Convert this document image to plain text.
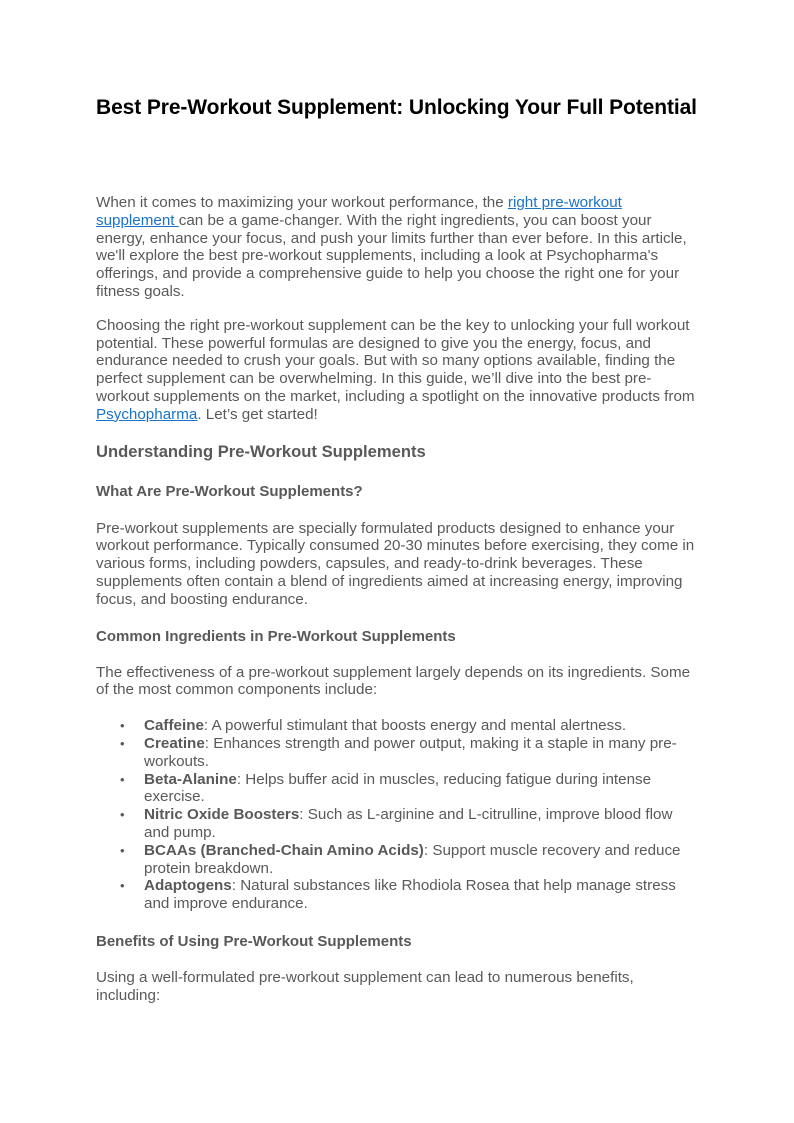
Best Pre-Workout Supplement: Unlocking Your Full Potential

When it comes to maximizing your workout performance, the right pre-workout supplement can be a game-changer. With the right ingredients, you can boost your energy, enhance your focus, and push your limits further than ever before. In this article, we'll explore the best pre-workout supplements, including a look at Psychopharma's offerings, and provide a comprehensive guide to help you choose the right one for your fitness goals.

Choosing the right pre-workout supplement can be the key to unlocking your full workout potential. These powerful formulas are designed to give you the energy, focus, and endurance needed to crush your goals. But with so many options available, finding the perfect supplement can be overwhelming. In this guide, we’ll dive into the best pre-workout supplements on the market, including a spotlight on the innovative products from Psychopharma. Let’s get started!

Understanding Pre-Workout Supplements
What Are Pre-Workout Supplements?

Pre-workout supplements are specially formulated products designed to enhance your workout performance. Typically consumed 20-30 minutes before exercising, they come in various forms, including powders, capsules, and ready-to-drink beverages. These supplements often contain a blend of ingredients aimed at increasing energy, improving focus, and boosting endurance.

Common Ingredients in Pre-Workout Supplements

The effectiveness of a pre-workout supplement largely depends on its ingredients. Some of the most common components include:

• Caffeine: A powerful stimulant that boosts energy and mental alertness.
• Creatine: Enhances strength and power output, making it a staple in many pre-workouts.
• Beta-Alanine: Helps buffer acid in muscles, reducing fatigue during intense exercise.
• Nitric Oxide Boosters: Such as L-arginine and L-citrulline, improve blood flow and pump.
• BCAAs (Branched-Chain Amino Acids): Support muscle recovery and reduce protein breakdown.
• Adaptogens: Natural substances like Rhodiola Rosea that help manage stress and improve endurance.
Benefits of Using Pre-Workout Supplements

Using a well-formulated pre-workout supplement can lead to numerous benefits, including:
